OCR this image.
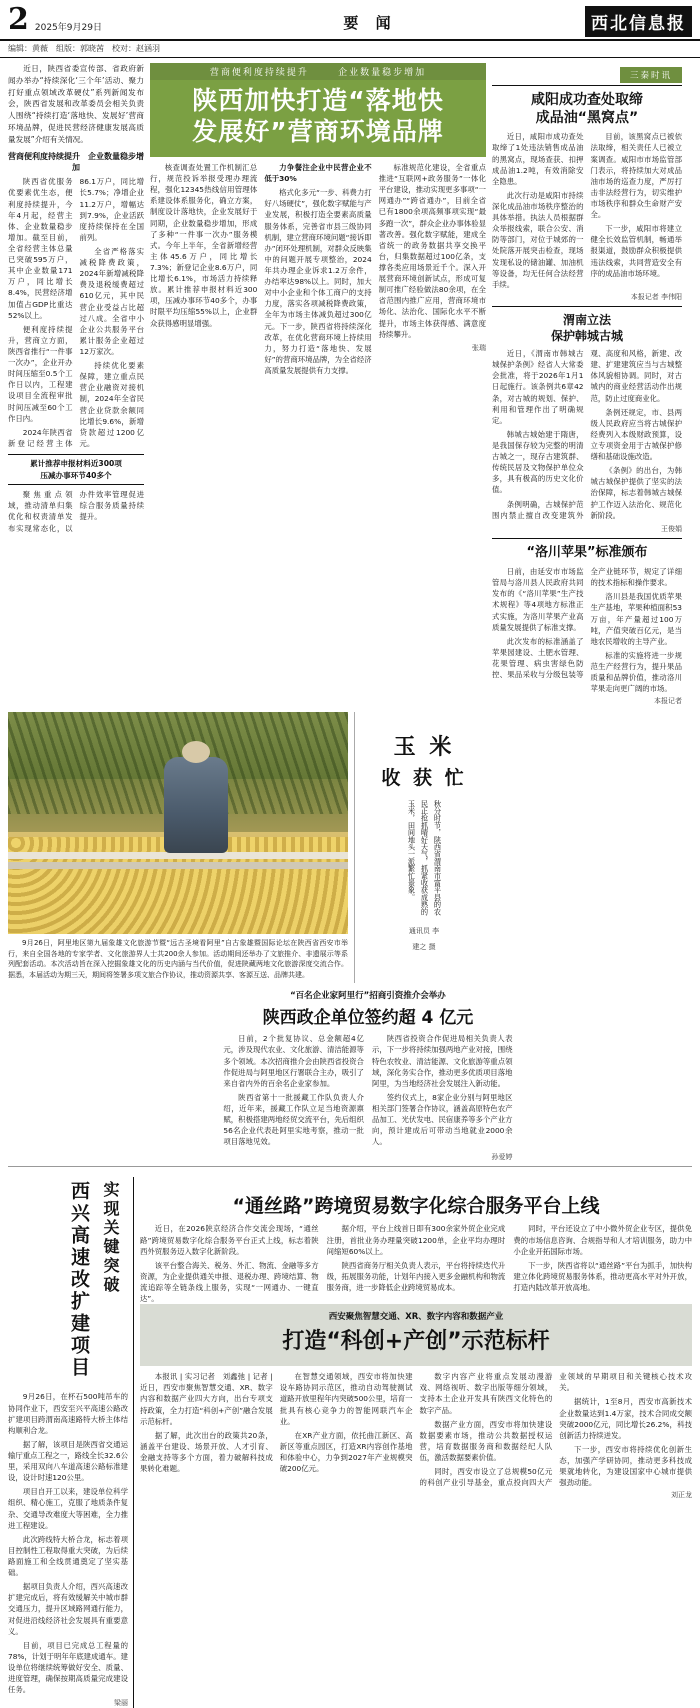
2 2025年9月29日	要 闻	西北信息报
编辑：黄薇　组版：郭晓茜　校对：赵涵羽

近日，陕西省委宣传部、省政府新闻办举办“持续深化‘三个年’活动、聚力打好重点领域改革硬仗”系列新闻发布会，陕西省发展和改革委员会相关负责人围绕“持续打造‘落地快、发展好’营商环境品牌，促进民营经济健康发展高质量发展”介绍有关情况。

营商便利度持续提升　企业数量稳步增加

陕西省优服务优要素优生态，便利度持续提升，今年4月起，经营主体、企业数量稳步增加。截至目前，全省经营主体总量已突破595万户，其中企业数量171万户，同比增长8.4%，民营经济增加值占GDP比重达52%以上。

便利度持续提升，营商立方面，陕西省推行“一件事一次办”，企业开办时间压缩至0.5个工作日以内，工程建设项目全流程审批时间压减至60个工作日内。

2024年陕西省新登记经营主体86.1万户，同比增长5.7%；净增企业11.2万户，增幅达到7.9%，企业活跃度持续保持在全国前列。

全省严格落实减税降费政策，2024年新增减税降费及退税缓费超过610亿元，其中民营企业受益占比超过八成。全省中小企业公共服务平台累计服务企业超过12万家次。

持续优化要素保障，建立重点民营企业融资对接机制，2024年全省民营企业贷款余额同比增长9.6%，新增贷款超过1200亿元。

累计推荐申报材料近300项
压减办事环节40多个

聚焦重点领域，推动清单归集优化和权责清单发布实现常态化，以办件效率管理促进综合服务质量持续提升。

营商便利度持续提升	企业数量稳步增加
陕西加快打造“落地快
发展好”营商环境品牌

核查调查处置工作机制汇总行，规范投诉举报受理办理流程，强化12345热线信用管理体系建设体系服务化，确立方案，制度设计落地快，企业发展好于同期，企业数量稳步增加，形成了多种“一件事一次办”服务模式。今年上半年，全省新增经营主体45.6万户，同比增长7.3%；新登记企业8.6万户，同比增长6.1%，市场活力持续释放。累计推荐申报材料近300项，压减办事环节40多个，办事时限平均压缩55%以上，企业群众获得感明显增强。

力争餐注企业中民营企业不低于30%

格式化多元“一步、科费力打好八场硬仗”，强化数字赋能与产业发展，积极打造全要素高质量服务体系，完善省市县三级协同机制，建立营商环境问题“接诉即办”闭环处理机制，对群众反映集中的问题开展专项整治，2024年共办理企业诉求1.2万余件，办结率达98%以上。同时，加大对中小企业和个体工商户的支持力度，落实各项减税降费政策，全年为市场主体减负超过300亿元。下一步，陕西省将持续深化改革，在优化营商环境上持续用力，努力打造“落地快、发展好”的营商环境品牌，为全省经济高质量发展提供有力支撑。

标准规范化建设，全省重点推进“互联网+政务服务”一体化平台建设，推动实现更多事项“一网通办”“跨省通办”，目前全省已有1800余项高频事项实现“最多跑一次”，群众企业办事体验显著改善。强化数字赋能，建成全省统一的政务数据共享交换平台，归集数据超过100亿条，支撑各类应用场景近千个。深入开展营商环境创新试点，形成可复制可推广经验做法80余项，在全省范围内推广应用，营商环境市场化、法治化、国际化水平不断提升，市场主体获得感、满意度持续攀升。

张瑞
三秦时讯
咸阳成功查处取缔
成品油“黑窝点”

近日，咸阳市成功查处取缔了1处违法销售成品油的黑窝点，现场查获、扣押成品油1.2吨，有效消除安全隐患。

此次行动是咸阳市持续深化成品油市场秩序整治的具体举措。执法人员根据群众举报线索，联合公安、消防等部门，对位于城郊的一处院落开展突击检查，现场发现私设的储油罐、加油机等设备，均无任何合法经营手续。

目前，该黑窝点已被依法取缔，相关责任人已被立案调查。咸阳市市场监管部门表示，将持续加大对成品油市场的巡查力度，严厉打击非法经营行为，切实维护市场秩序和群众生命财产安全。

下一步，咸阳市将建立健全长效监管机制，畅通举报渠道，鼓励群众积极提供违法线索，共同营造安全有序的成品油市场环境。

本报记者 李伟阳
渭南立法
保护韩城古城

近日，《渭南市韩城古城保护条例》经省人大常委会批准，将于2026年1月1日起施行。该条例共6章42条，对古城的规划、保护、利用和管理作出了明确规定。

韩城古城始建于隋唐，是我国保存较为完整的明清古城之一，现存古建筑群、传统民居及文物保护单位众多，具有极高的历史文化价值。

条例明确，古城保护范围内禁止擅自改变建筑外观、高度和风格，新建、改建、扩建建筑应当与古城整体风貌相协调。同时，对古城内的商业经营活动作出规范，防止过度商业化。

条例还规定，市、县两级人民政府应当将古城保护经费列入本级财政预算，设立专项资金用于古城保护修缮和基础设施改造。

《条例》的出台，为韩城古城保护提供了坚实的法治保障，标志着韩城古城保护工作迈入法治化、规范化新阶段。

王俊娟
“洛川苹果”标准颁布

日前，由延安市市场监管局与洛川县人民政府共同发布的《“洛川苹果”生产技术规程》等4项地方标准正式实施，为洛川苹果产业高质量发展提供了标准支撑。

此次发布的标准涵盖了苹果园建设、土肥水管理、花果管理、病虫害绿色防控、果品采收与分级包装等全产业链环节，规定了详细的技术指标和操作要求。

洛川县是我国优质苹果生产基地，苹果种植面积53万亩，年产量超过100万吨，产值突破百亿元，是当地农民增收的主导产业。

标准的实施将进一步规范生产经营行为，提升果品质量和品牌价值，推动洛川苹果走向更广阔的市场。

本报记者

9月26日，阿里地区第九届象雄文化旅游节暨“远古圣境看阿里”自古象雄暨国际论坛在陕西省西安市举行，来自全国各地的专家学者、文化旅游界人士共200余人参加。活动期间还举办了文旅推介、非遗展示等系列配套活动。本次活动旨在深入挖掘象雄文化的历史内涵与当代价值，促进陕藏两地文化旅游深度交流合作。据悉，本届活动为期三天，期间将签署多项文旅合作协议，推动资源共享、客源互送、品牌共建。

玉 米
收 获 忙
秋分时节，陕西省渭南市富平县的农民正抢抓晴好天气，抓紧收获成熟的玉米，田间地头一派繁忙景象。
通讯员 李
建之 摄
“百名企业家阿里行”招商引资推介会举办
陕西政企单位签约超 4 亿元

日前，2个批复协议、总金额超4亿元，涉及现代农业、文化旅游、清洁能源等多个领域。本次招商推介会由陕西省投资合作促进局与阿里地区行署联合主办，吸引了来自省内外的百余名企业家参加。

陕西省第十一批援藏工作队负责人介绍，近年来，援藏工作队立足当地资源禀赋，积极搭建两地经贸交流平台，先后组织56名企业代表赴阿里实地考察，推动一批项目落地见效。

陕西省投资合作促进局相关负责人表示，下一步将持续加强两地产业对接，围绕特色农牧业、清洁能源、文化旅游等重点领域，深化务实合作，推动更多优质项目落地阿里，为当地经济社会发展注入新动能。

签约仪式上，8家企业分别与阿里地区相关部门签署合作协议，涵盖高原特色农产品加工、光伏发电、民宿康养等多个产业方向，预计建成后可带动当地就业2000余人。

孙爱婷
西兴高速改扩建项目 实现关键突破

9月26日，在杯石500吨吊车的协同作业下，西安至兴平高速公路改扩建项目跨渭南高速路特大桥主体结构顺利合龙。

据了解，该项目是陕西省交通运输厅重点工程之一，路线全长32.6公里，采用双向八车道高速公路标准建设，设计时速120公里。

项目自开工以来，建设单位科学组织、精心施工，克服了地质条件复杂、交通导改难度大等困难，全力推进工程建设。

此次跨线特大桥合龙，标志着项目控制性工程取得重大突破，为后续路面施工和全线贯通奠定了坚实基础。

据项目负责人介绍，西兴高速改扩建完成后，将有效缓解关中城市群交通压力，提升区域路网通行能力，对促进沿线经济社会发展具有重要意义。

目前，项目已完成总工程量的78%，计划于明年年底建成通车。建设单位将继续统筹做好安全、质量、进度管理，确保按期高质量完成建设任务。

梁丽

“通丝路”跨境贸易数字化综合服务平台上线

近日，在2026陕京经济合作交流会现场，“通丝路”跨境贸易数字化综合服务平台正式上线，标志着陕西外贸服务迈入数字化新阶段。

该平台整合海关、税务、外汇、物流、金融等多方资源，为企业提供通关申报、退税办理、跨境结算、物流追踪等全链条线上服务，实现“一网通办、一键直达”。

据介绍，平台上线首日即有300余家外贸企业完成注册，首批业务办理量突破1200单，企业平均办理时间缩短60%以上。

陕西省商务厅相关负责人表示，平台将持续迭代升级，拓展服务功能，计划年内接入更多金融机构和物流服务商，进一步降低企业跨境贸易成本。

同时，平台还设立了中小微外贸企业专区，提供免费的市场信息咨询、合规指导和人才培训服务，助力中小企业开拓国际市场。

下一步，陕西省将以“通丝路”平台为抓手，加快构建立体化跨境贸易服务体系，推动更高水平对外开放，打造内陆改革开放高地。

西安聚焦智慧交通、XR、数字内容和数据产业
打造“科创+产创”示范标杆

本报讯 | 实习记者　刘鑫弛 | 记者 | 近日，西安市聚焦智慧交通、XR、数字内容和数据产业四大方向，出台专项支持政策，全力打造“科创+产创”融合发展示范标杆。

据了解，此次出台的政策共20条，涵盖平台建设、场景开放、人才引育、金融支持等多个方面，着力破解科技成果转化难题。

在智慧交通领域，西安市将加快建设车路协同示范区，推动自动驾驶测试道路开放里程年内突破500公里，培育一批具有核心竞争力的智能网联汽车企业。

在XR产业方面，依托曲江新区、高新区等重点园区，打造XR内容创作基地和体验中心，力争到2027年产业规模突破200亿元。

数字内容产业将重点发展动漫游戏、网络视听、数字出版等细分领域，支持本土企业开发具有陕西文化特色的数字产品。

数据产业方面，西安市将加快建设数据要素市场，推动公共数据授权运营，培育数据服务商和数据经纪人队伍，激活数据要素价值。

同时，西安市设立了总规模50亿元的科创产业引导基金，重点投向四大产业领域的早期项目和关键核心技术攻关。

据统计，1至8月，西安市高新技术企业数量达到1.4万家，技术合同成交额突破2000亿元，同比增长26.2%，科技创新活力持续迸发。

下一步，西安市将持续优化创新生态，加强产学研协同，推动更多科技成果就地转化，为建设国家中心城市提供强劲动能。

刘正龙
